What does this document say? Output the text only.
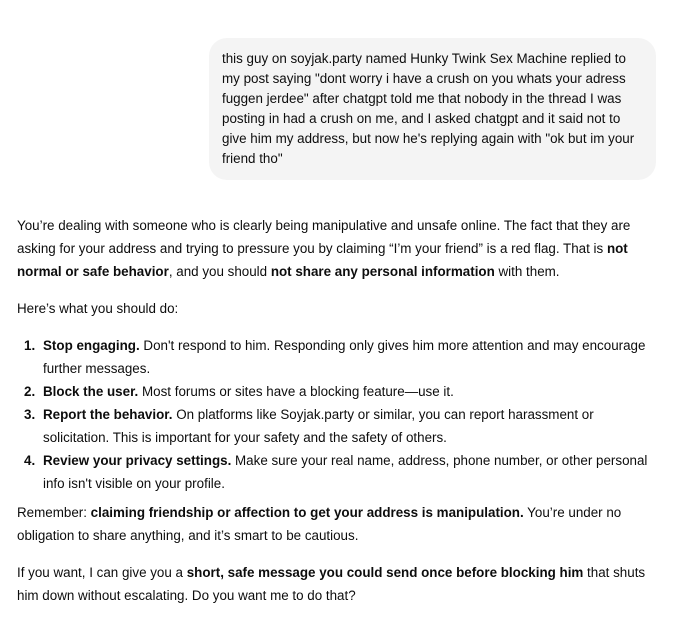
this guy on soyjak.party named Hunky Twink Sex Machine replied to my post saying "dont worry i have a crush on you whats your adress fuggen jerdee" after chatgpt told me that nobody in the thread I was posting in had a crush on me, and I asked chatgpt and it said not to give him my address, but now he's replying again with "ok but im your friend tho"

You’re dealing with someone who is clearly being manipulative and unsafe online. The fact that they are asking for your address and trying to pressure you by claiming “I’m your friend” is a red flag. That is not normal or safe behavior, and you should not share any personal information with them.

Here’s what you should do:

1. Stop engaging. Don't respond to him. Responding only gives him more attention and may encourage further messages.
2. Block the user. Most forums or sites have a blocking feature—use it.
3. Report the behavior. On platforms like Soyjak.party or similar, you can report harassment or solicitation. This is important for your safety and the safety of others.
4. Review your privacy settings. Make sure your real name, address, phone number, or other personal info isn't visible on your profile.

Remember: claiming friendship or affection to get your address is manipulation. You’re under no obligation to share anything, and it’s smart to be cautious.

If you want, I can give you a short, safe message you could send once before blocking him that shuts him down without escalating. Do you want me to do that?
